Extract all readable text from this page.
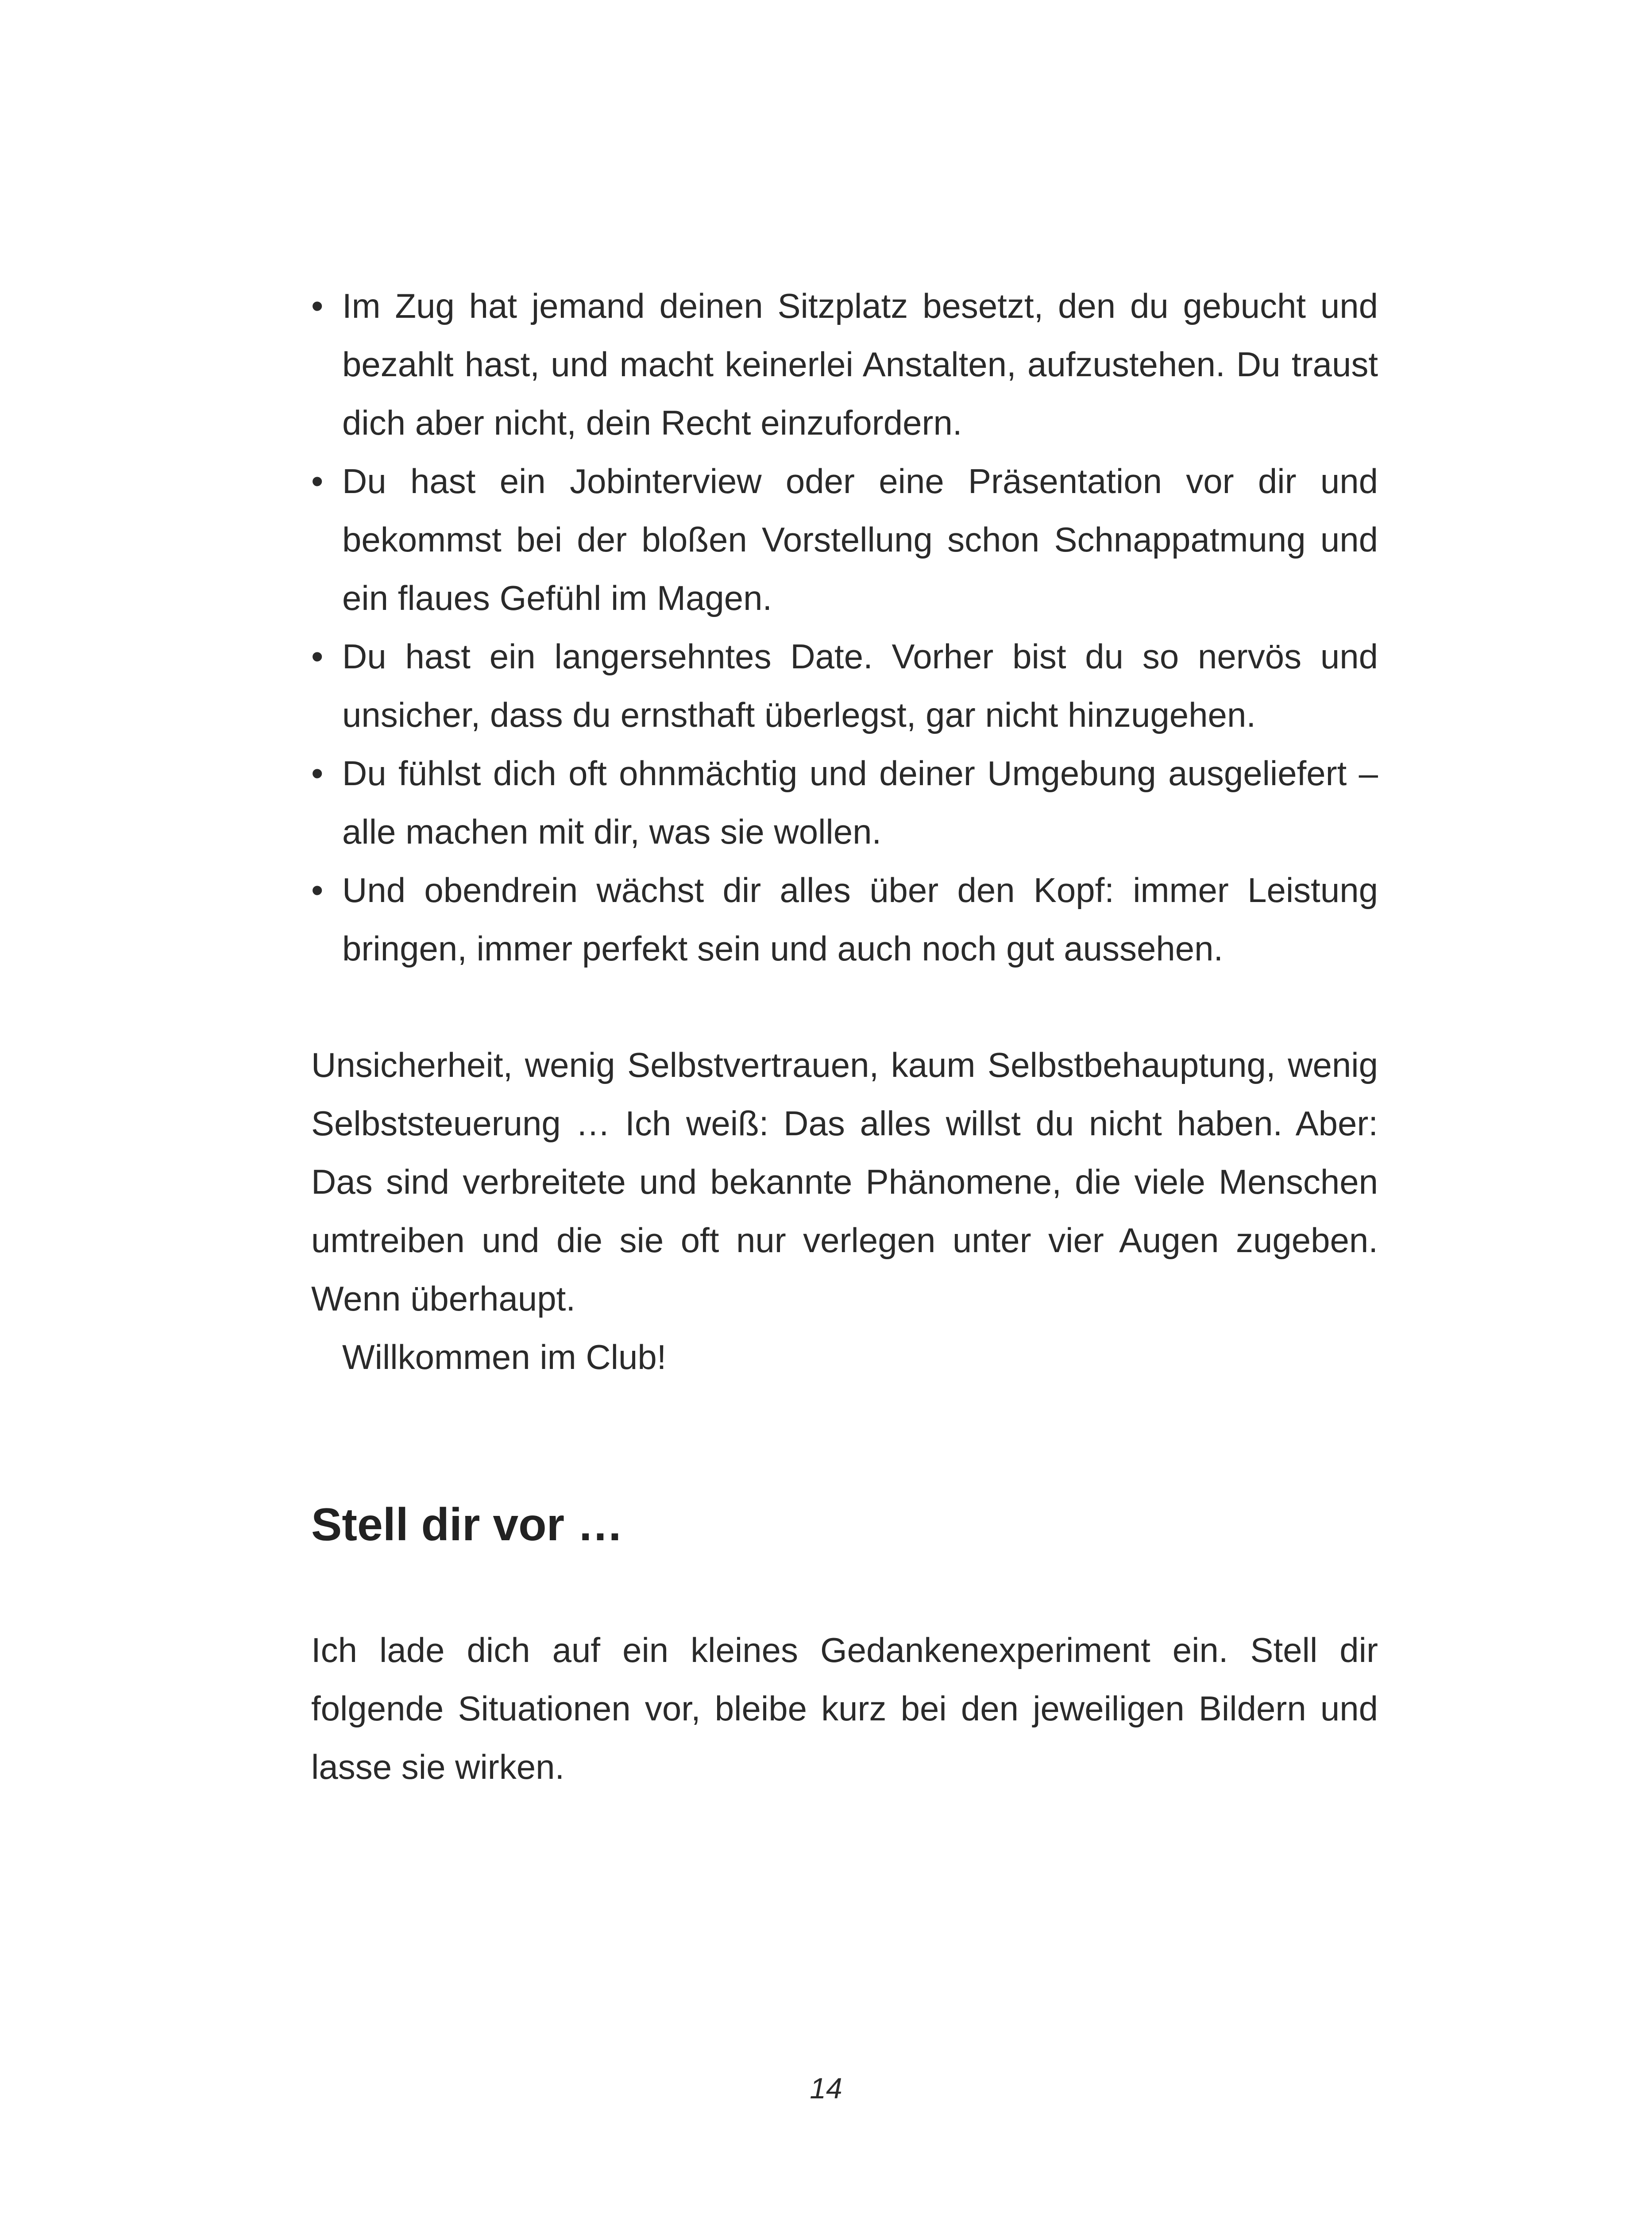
• Im Zug hat jemand deinen Sitzplatz besetzt, den du gebucht und bezahlt hast, und macht keinerlei Anstalten, aufzustehen. Du traust dich aber nicht, dein Recht einzufordern.
• Du hast ein Jobinterview oder eine Präsentation vor dir und bekommst bei der bloßen Vorstellung schon Schnappatmung und ein flaues Gefühl im Magen.
• Du hast ein langersehntes Date. Vorher bist du so nervös und unsicher, dass du ernsthaft überlegst, gar nicht hinzugehen.
• Du fühlst dich oft ohnmächtig und deiner Umgebung ausgeliefert – alle machen mit dir, was sie wollen.
• Und obendrein wächst dir alles über den Kopf: immer Leistung bringen, immer perfekt sein und auch noch gut aussehen.

Unsicherheit, wenig Selbstvertrauen, kaum Selbstbehauptung, wenig Selbststeuerung … Ich weiß: Das alles willst du nicht haben. Aber: Das sind verbreitete und bekannte Phänomene, die viele Menschen umtreiben und die sie oft nur verlegen unter vier Augen zugeben. Wenn überhaupt.

Willkommen im Club!

Stell dir vor …

Ich lade dich auf ein kleines Gedankenexperiment ein. Stell dir folgende Situationen vor, bleibe kurz bei den jeweiligen Bildern und lasse sie wirken.

14
